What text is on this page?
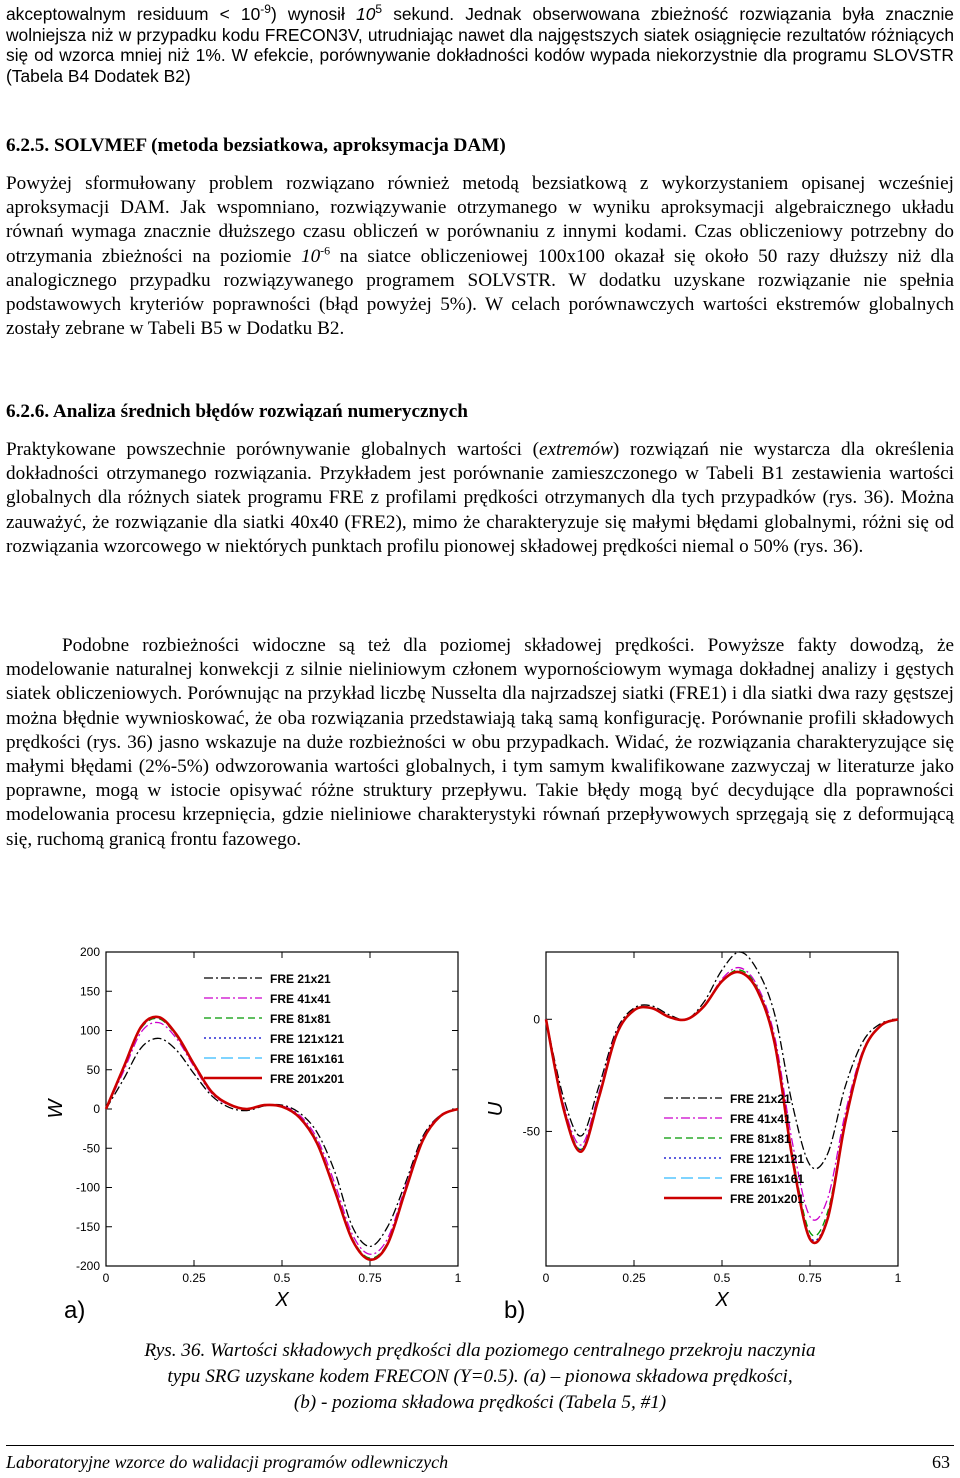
akceptowalnym residuum < $10^{-9}$) wynosił $10^5$ sekund. Jednak obserwowana zbieżność rozwiązania była znacznie wolniejsza niż w przypadku kodu FRECON3V, utrudniając nawet dla najgęstszych siatek osiągnięcie rezultatów różniących się od wzorca mniej niż 1%. W efekcie, porównywanie dokładności kodów wypada niekorzystnie dla programu SLOVSTR (Tabela B4 Dodatek B2)

6.2.5. SOLVMEF (metoda bezsiatkowa, aproksymacja DAM)

Powyżej sformułowany problem rozwiązano również metodą bezsiatkową z wykorzystaniem opisanej wcześniej aproksymacji DAM. Jak wspomniano, rozwiązywanie otrzymanego w wyniku aproksymacji algebraicznego układu równań wymaga znacznie dłuższego czasu obliczeń w porównaniu z innymi kodami. Czas obliczeniowy potrzebny do otrzymania zbieżności na poziomie $10^{-6}$ na siatce obliczeniowej 100x100 okazał się około 50 razy dłuższy niż dla analogicznego przypadku rozwiązywanego programem SOLVSTR. W dodatku uzyskane rozwiązanie nie spełnia podstawowych kryteriów poprawności (błąd powyżej 5%). W celach porównawczych wartości ekstremów globalnych zostały zebrane w Tabeli B5 w Dodatku B2.

6.2.6. Analiza średnich błędów rozwiązań numerycznych

Praktykowane powszechnie porównywanie globalnych wartości (extremów) rozwiązań nie wystarcza dla określenia dokładności otrzymanego rozwiązania. Przykładem jest porównanie zamieszczonego w Tabeli B1 zestawienia wartości globalnych dla różnych siatek programu FRE z profilami prędkości otrzymanych dla tych przypadków (rys. 36). Można zauważyć, że rozwiązanie dla siatki 40x40 (FRE2), mimo że charakteryzuje się małymi błędami globalnymi, różni się od rozwiązania wzorcowego w niektórych punktach profilu pionowej składowej prędkości niemal o 50% (rys. 36).

Podobne rozbieżności widoczne są też dla poziomej składowej prędkości. Powyższe fakty dowodzą, że modelowanie naturalnej konwekcji z silnie nieliniowym członem wypornościowym wymaga dokładnej analizy i gęstych siatek obliczeniowych. Porównując na przykład liczbę Nusselta dla najrzadszej siatki (FRE1) i dla siatki dwa razy gęstszej można błędnie wywnioskować, że oba rozwiązania przedstawiają taką samą konfigurację. Porównanie profili składowych prędkości (rys. 36) jasno wskazuje na duże rozbieżności w obu przypadkach. Widać, że rozwiązania charakteryzujące się małymi błędami (2%-5%) odwzorowania wartości globalnych, i tym samym kwalifikowane zazwyczaj w literaturze jako poprawne, mogą w istocie opisywać różne struktury przepływu. Takie błędy mogą być decydujące dla poprawności modelowania procesu krzepnięcia, gdzie nieliniowe charakterystyki równań przepływowych sprzęgają się z deformującą się, ruchomą granicą frontu fazowego.

0	0.25	0.5	0.75	1
200
150
100
50
0
-50
-100
-150
-200
X
W
a)
FRE 21x21
FRE 41x41
FRE 81x81
FRE 121x121
FRE 161x161
FRE 201x201
0	0.25	0.5	0.75	1
0
-50
X
U
b)
FRE 21x21
FRE 41x41
FRE 81x81
FRE 121x121
FRE 161x161
FRE 201x201
Rys. 36. Wartości składowych prędkości dla poziomego centralnego przekroju naczynia
typu SRG uzyskane kodem FRECON (Y=0.5). (a) – pionowa składowa prędkości,
(b) - pozioma składowa prędkości (Tabela 5, #1)
Laboratoryjne wzorce do walidacji programów odlewniczych	63
